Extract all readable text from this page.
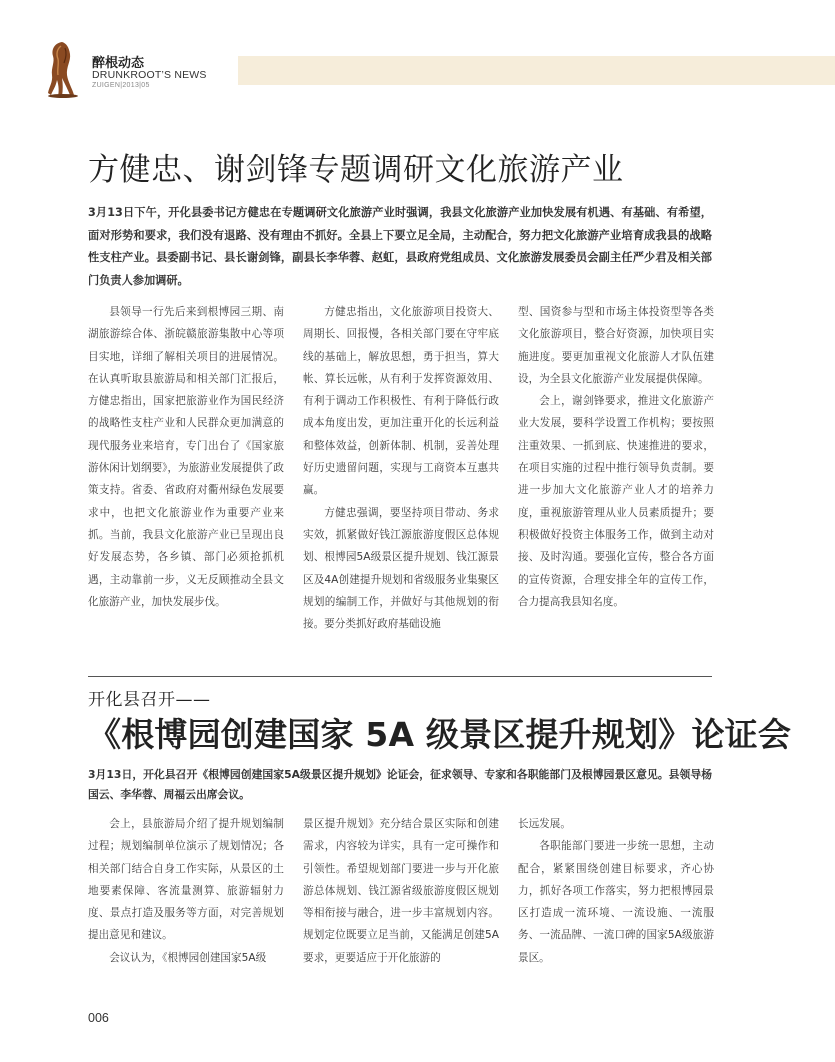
醉根动态
DRUNKROOT’S NEWS
ZUIGEN|2013|05
方健忠、谢剑锋专题调研文化旅游产业

3月13日下午，开化县委书记方健忠在专题调研文化旅游产业时强调，我县文化旅游产业加快发展有机遇、有基础、有希望，面对形势和要求，我们没有退路、没有理由不抓好。全县上下要立足全局，主动配合，努力把文化旅游产业培育成我县的战略性支柱产业。县委副书记、县长谢剑锋，副县长李华蓉、赵虹，县政府党组成员、文化旅游发展委员会副主任严少君及相关部门负责人参加调研。

县领导一行先后来到根博园三期、南湖旅游综合体、浙皖赣旅游集散中心等项目实地，详细了解相关项目的进展情况。在认真听取县旅游局和相关部门汇报后，方健忠指出，国家把旅游业作为国民经济的战略性支柱产业和人民群众更加满意的现代服务业来培育，专门出台了《国家旅游休闲计划纲要》，为旅游业发展提供了政策支持。省委、省政府对衢州绿色发展要求中，也把文化旅游业作为重要产业来抓。当前，我县文化旅游产业已呈现出良好发展态势，各乡镇、部门必须抢抓机遇，主动靠前一步，义无反顾推动全县文化旅游产业，加快发展步伐。

方健忠指出，文化旅游项目投资大、周期长、回报慢，各相关部门要在守牢底线的基础上，解放思想，勇于担当，算大帐、算长远帐，从有利于发挥资源效用、有利于调动工作积极性、有利于降低行政成本角度出发，更加注重开化的长远利益和整体效益，创新体制、机制，妥善处理好历史遗留问题，实现与工商资本互惠共赢。

方健忠强调，要坚持项目带动、务求实效，抓紧做好钱江源旅游度假区总体规划、根博园5A级景区提升规划、钱江源景区及4A创建提升规划和省级服务业集聚区规划的编制工作，并做好与其他规划的衔接。要分类抓好政府基础设施

型、国资参与型和市场主体投资型等各类文化旅游项目，整合好资源，加快项目实施进度。要更加重视文化旅游人才队伍建设，为全县文化旅游产业发展提供保障。

会上，谢剑锋要求，推进文化旅游产业大发展，要科学设置工作机构；要按照注重效果、一抓到底、快速推进的要求，在项目实施的过程中推行领导负责制。要进一步加大文化旅游产业人才的培养力度，重视旅游管理从业人员素质提升；要积极做好投资主体服务工作，做到主动对接、及时沟通。要强化宣传，整合各方面的宣传资源，合理安排全年的宣传工作，合力提高我县知名度。

开化县召开——
《根博园创建国家 5A 级景区提升规划》论证会

3月13日，开化县召开《根博园创建国家5A级景区提升规划》论证会，征求领导、专家和各职能部门及根博园景区意见。县领导杨国云、李华蓉、周福云出席会议。

会上，县旅游局介绍了提升规划编制过程；规划编制单位演示了规划情况；各相关部门结合自身工作实际，从景区的土地要素保障、客流量测算、旅游辐射力度、景点打造及服务等方面，对完善规划提出意见和建议。

会议认为，《根博园创建国家5A级

景区提升规划》充分结合景区实际和创建需求，内容较为详实，具有一定可操作和引领性。希望规划部门要进一步与开化旅游总体规划、钱江源省级旅游度假区规划等相衔接与融合，进一步丰富规划内容。规划定位既要立足当前，又能满足创建5A要求，更要适应于开化旅游的

长远发展。

各职能部门要进一步统一思想，主动配合，紧紧围绕创建目标要求，齐心协力，抓好各项工作落实，努力把根博园景区打造成一流环境、一流设施、一流服务、一流品牌、一流口碑的国家5A级旅游景区。

006
